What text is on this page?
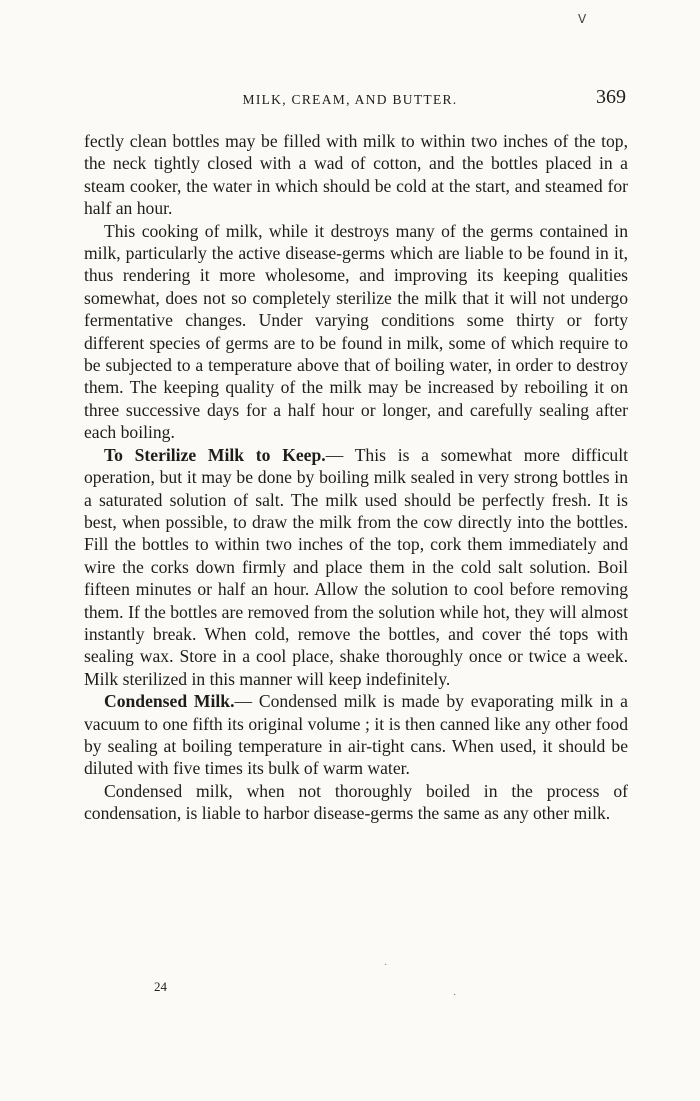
ᐯ
MILK, CREAM, AND BUTTER.	369

fectly clean bottles may be filled with milk to within two inches of the top, the neck tightly closed with a wad of cotton, and the bottles placed in a steam cooker, the water in which should be cold at the start, and steamed for half an hour.

This cooking of milk, while it destroys many of the germs contained in milk, particularly the active disease-germs which are liable to be found in it, thus rendering it more wholesome, and improving its keeping qualities somewhat, does not so completely sterilize the milk that it will not undergo fermentative changes. Under varying conditions some thirty or forty different species of germs are to be found in milk, some of which require to be subjected to a temperature above that of boiling water, in order to destroy them. The keeping quality of the milk may be increased by reboiling it on three successive days for a half hour or longer, and carefully sealing after each boiling.

To Sterilize Milk to Keep.— This is a somewhat more difficult operation, but it may be done by boiling milk sealed in very strong bottles in a saturated solution of salt. The milk used should be perfectly fresh. It is best, when possible, to draw the milk from the cow directly into the bottles. Fill the bottles to within two inches of the top, cork them immediately and wire the corks down firmly and place them in the cold salt solution. Boil fifteen minutes or half an hour. Allow the solution to cool before removing them. If the bottles are removed from the solution while hot, they will almost instantly break. When cold, remove the bottles, and cover thé tops with sealing wax. Store in a cool place, shake thoroughly once or twice a week. Milk sterilized in this manner will keep indefinitely.

Condensed Milk.— Condensed milk is made by evaporating milk in a vacuum to one fifth its original volume ; it is then canned like any other food by sealing at boiling temperature in air-tight cans. When used, it should be diluted with five times its bulk of warm water.

Condensed milk, when not thoroughly boiled in the process of condensation, is liable to harbor disease-germs the same as any other milk.

24
·
·
